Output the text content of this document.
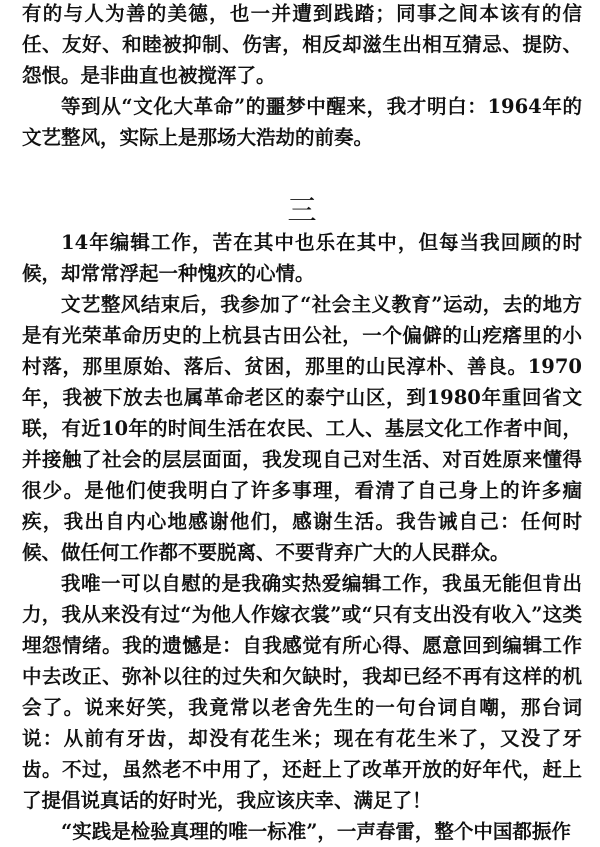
有的与人为善的美德，也一并遭到践踏；同事之间本该有的信任、友好、和睦被抑制、伤害，相反却滋生出相互猜忌、提防、怨恨。是非曲直也被搅浑了。

等到从“文化大革命”的噩梦中醒来，我才明白：1964年的文艺整风，实际上是那场大浩劫的前奏。

三

14年编辑工作，苦在其中也乐在其中，但每当我回顾的时候，却常常浮起一种愧疚的心情。

文艺整风结束后，我参加了“社会主义教育”运动，去的地方是有光荣革命历史的上杭县古田公社，一个偏僻的山疙瘩里的小村落，那里原始、落后、贫困，那里的山民淳朴、善良。1970年，我被下放去也属革命老区的泰宁山区，到1980年重回省文联，有近10年的时间生活在农民、工人、基层文化工作者中间，并接触了社会的层层面面，我发现自己对生活、对百姓原来懂得很少。是他们使我明白了许多事理，看清了自己身上的许多痼疾，我出自内心地感谢他们，感谢生活。我告诫自己：任何时候、做任何工作都不要脱离、不要背弃广大的人民群众。

我唯一可以自慰的是我确实热爱编辑工作，我虽无能但肯出力，我从来没有过“为他人作嫁衣裳”或“只有支出没有收入”这类埋怨情绪。我的遗憾是：自我感觉有所心得、愿意回到编辑工作中去改正、弥补以往的过失和欠缺时，我却已经不再有这样的机会了。说来好笑，我竟常以老舍先生的一句台词自嘲，那台词说：从前有牙齿，却没有花生米；现在有花生米了，又没了牙齿。不过，虽然老不中用了，还赶上了改革开放的好年代，赶上了提倡说真话的好时光，我应该庆幸、满足了！

“实践是检验真理的唯一标准”，一声春雷，整个中国都振作
